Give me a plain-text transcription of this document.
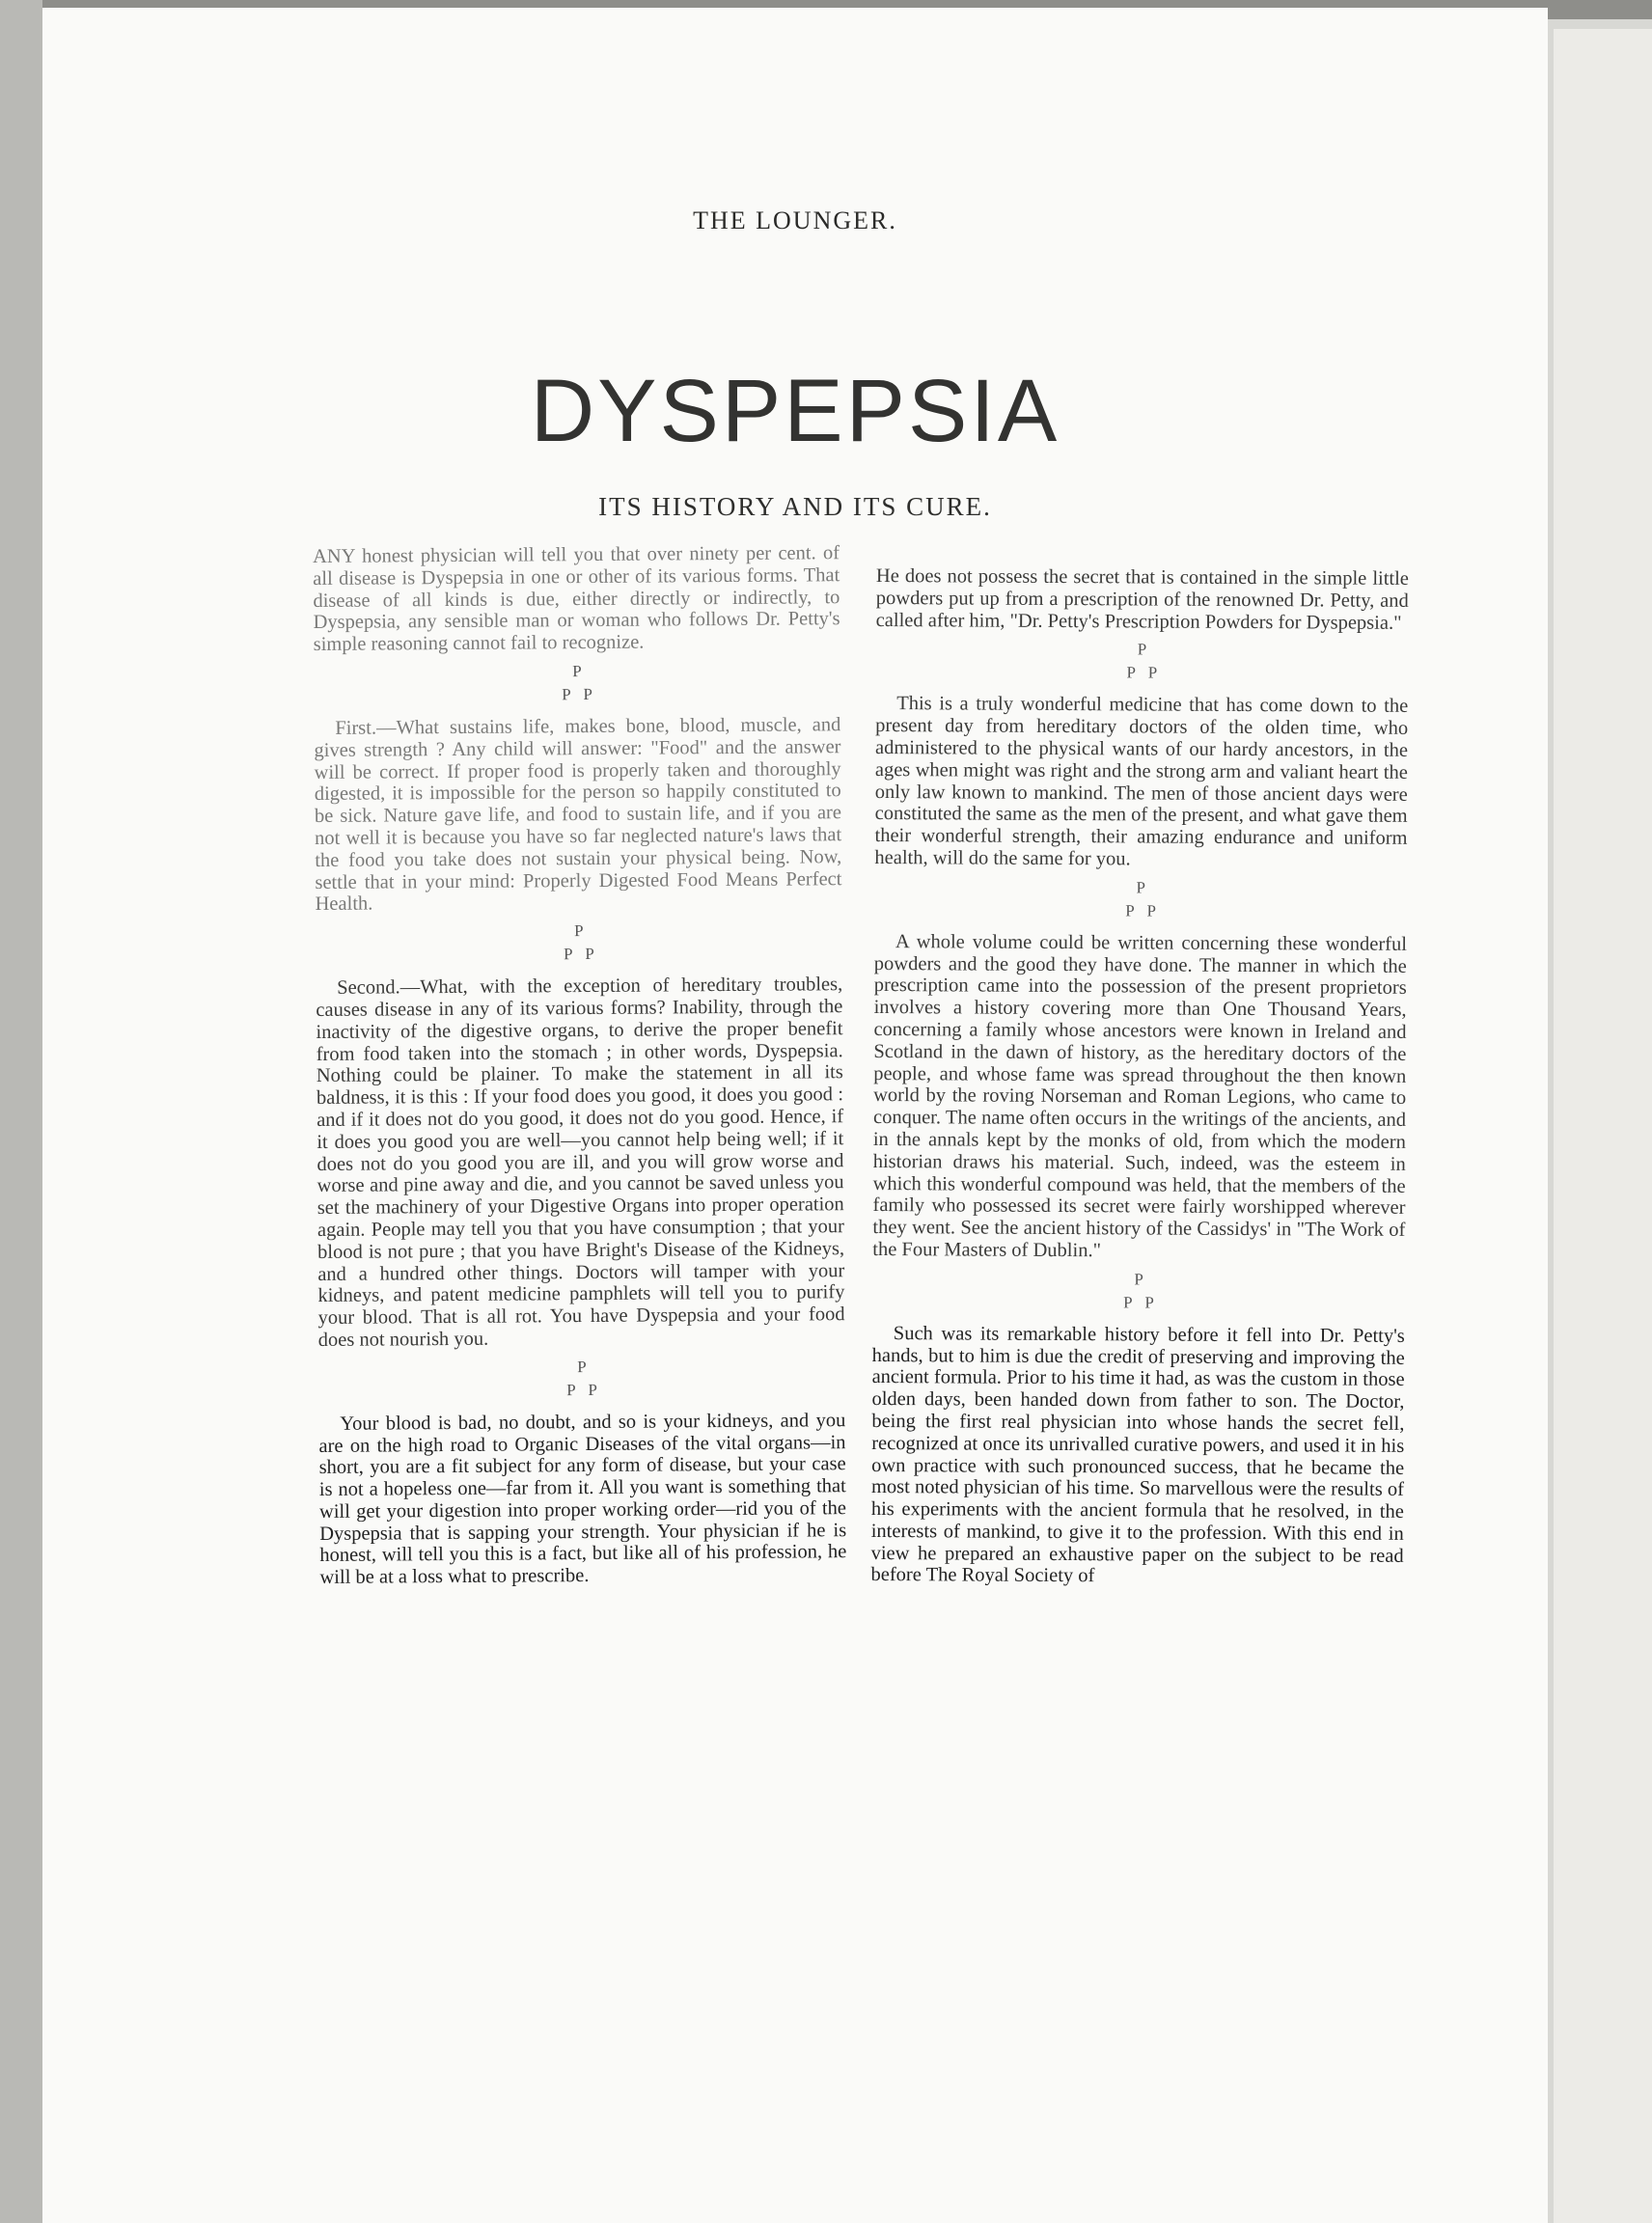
THE LOUNGER.
DYSPEPSIA
ITS HISTORY AND ITS CURE.

ANY honest physician will tell you that over ninety per cent. of all disease is Dyspepsia in one or other of its various forms. That disease of all kinds is due, either directly or indirectly, to Dyspepsia, any sensible man or woman who follows Dr. Petty's simple reasoning cannot fail to recognize.

P
P P

First.—What sustains life, makes bone, blood, muscle, and gives strength ? Any child will answer: "Food" and the answer will be correct. If proper food is properly taken and thoroughly digested, it is impossible for the person so happily constituted to be sick. Nature gave life, and food to sustain life, and if you are not well it is because you have so far neglected nature's laws that the food you take does not sustain your physical being. Now, settle that in your mind: Properly Digested Food Means Perfect Health.

P
P P

Second.—What, with the exception of hereditary troubles, causes disease in any of its various forms? Inability, through the inactivity of the digestive organs, to derive the proper benefit from food taken into the stomach ; in other words, Dyspepsia. Nothing could be plainer. To make the statement in all its baldness, it is this : If your food does you good, it does you good : and if it does not do you good, it does not do you good. Hence, if it does you good you are well—you cannot help being well; if it does not do you good you are ill, and you will grow worse and worse and pine away and die, and you cannot be saved unless you set the machinery of your Digestive Organs into proper operation again. People may tell you that you have consumption ; that your blood is not pure ; that you have Bright's Disease of the Kidneys, and a hundred other things. Doctors will tamper with your kidneys, and patent medicine pamphlets will tell you to purify your blood. That is all rot. You have Dyspepsia and your food does not nourish you.

P
P P

Your blood is bad, no doubt, and so is your kidneys, and you are on the high road to Organic Diseases of the vital organs—in short, you are a fit subject for any form of disease, but your case is not a hopeless one—far from it. All you want is something that will get your digestion into proper working order—rid you of the Dyspepsia that is sapping your strength. Your physician if he is honest, will tell you this is a fact, but like all of his profession, he will be at a loss what to prescribe.

He does not possess the secret that is contained in the simple little powders put up from a prescription of the renowned Dr. Petty, and called after him, "Dr. Petty's Prescription Powders for Dyspepsia."

P
P P

This is a truly wonderful medicine that has come down to the present day from hereditary doctors of the olden time, who administered to the physical wants of our hardy ancestors, in the ages when might was right and the strong arm and valiant heart the only law known to mankind. The men of those ancient days were constituted the same as the men of the present, and what gave them their wonderful strength, their amazing endurance and uniform health, will do the same for you.

P
P P

A whole volume could be written concerning these wonderful powders and the good they have done. The manner in which the prescription came into the possession of the present proprietors involves a history covering more than One Thousand Years, concerning a family whose ancestors were known in Ireland and Scotland in the dawn of history, as the hereditary doctors of the people, and whose fame was spread throughout the then known world by the roving Norseman and Roman Legions, who came to conquer. The name often occurs in the writings of the ancients, and in the annals kept by the monks of old, from which the modern historian draws his material. Such, indeed, was the esteem in which this wonderful compound was held, that the members of the family who possessed its secret were fairly worshipped wherever they went. See the ancient history of the Cassidys' in "The Work of the Four Masters of Dublin."

P
P P

Such was its remarkable history before it fell into Dr. Petty's hands, but to him is due the credit of preserving and improving the ancient formula. Prior to his time it had, as was the custom in those olden days, been handed down from father to son. The Doctor, being the first real physician into whose hands the secret fell, recognized at once its unrivalled curative powers, and used it in his own practice with such pronounced success, that he became the most noted physician of his time. So marvellous were the results of his experiments with the ancient formula that he resolved, in the interests of mankind, to give it to the profession. With this end in view he prepared an exhaustive paper on the subject to be read before The Royal Society of
